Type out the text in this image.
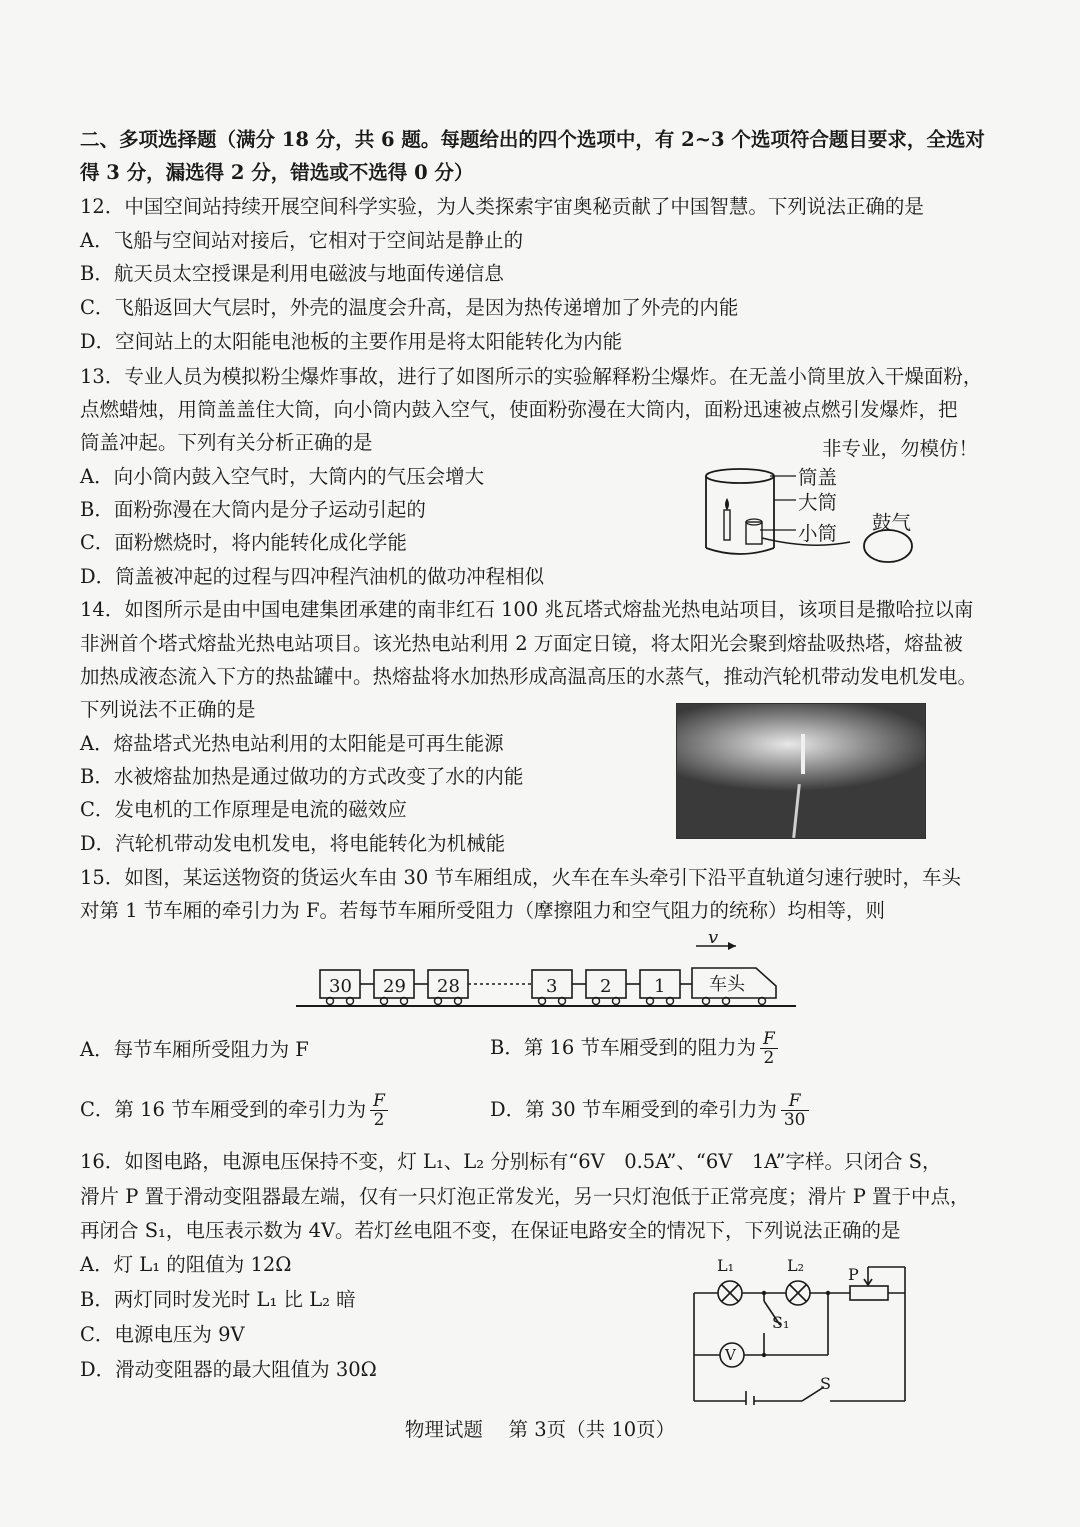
二、多项选择题（满分 18 分，共 6 题。每题给出的四个选项中，有 2~3 个选项符合题目要求，全选对
得 3 分，漏选得 2 分，错选或不选得 0 分）
12．中国空间站持续开展空间科学实验，为人类探索宇宙奥秘贡献了中国智慧。下列说法正确的是
A．飞船与空间站对接后，它相对于空间站是静止的
B．航天员太空授课是利用电磁波与地面传递信息
C．飞船返回大气层时，外壳的温度会升高，是因为热传递增加了外壳的内能
D．空间站上的太阳能电池板的主要作用是将太阳能转化为内能
13．专业人员为模拟粉尘爆炸事故，进行了如图所示的实验解释粉尘爆炸。在无盖小筒里放入干燥面粉，
点燃蜡烛，用筒盖盖住大筒，向小筒内鼓入空气，使面粉弥漫在大筒内，面粉迅速被点燃引发爆炸，把
筒盖冲起。下列有关分析正确的是
A．向小筒内鼓入空气时，大筒内的气压会增大
B．面粉弥漫在大筒内是分子运动引起的
C．面粉燃烧时，将内能转化成化学能
D．筒盖被冲起的过程与四冲程汽油机的做功冲程相似
非专业，勿模仿！
筒盖
大筒
小筒 鼓气
14．如图所示是由中国电建集团承建的南非红石 100 兆瓦塔式熔盐光热电站项目，该项目是撒哈拉以南
非洲首个塔式熔盐光热电站项目。该光热电站利用 2 万面定日镜，将太阳光会聚到熔盐吸热塔，熔盐被
加热成液态流入下方的热盐罐中。热熔盐将水加热形成高温高压的水蒸气，推动汽轮机带动发电机发电。
下列说法不正确的是
A．熔盐塔式光热电站利用的太阳能是可再生能源
B．水被熔盐加热是通过做功的方式改变了水的内能
C．发电机的工作原理是电流的磁效应
D．汽轮机带动发电机发电，将电能转化为机械能
15．如图，某运送物资的货运火车由 30 节车厢组成，火车在车头牵引下沿平直轨道匀速行驶时，车头
对第 1 节车厢的牵引力为 F。若每节车厢所受阻力（摩擦阻力和空气阻力的统称）均相等，则
30 29 28	3 2 1 车头
v
A．每节车厢所受阻力为 F	B．第 16 节车厢受到的阻力为 $\frac{F}{2}$
C．第 16 节车厢受到的牵引力为 $\frac{F}{2}$	D．第 30 节车厢受到的牵引力为 $\frac{F}{30}$
16．如图电路，电源电压保持不变，灯 L₁、L₂ 分别标有“6V　0.5A”、“6V　1A”字样。只闭合 S，
滑片 P 置于滑动变阻器最左端，仅有一只灯泡正常发光，另一只灯泡低于正常亮度；滑片 P 置于中点，
再闭合 S₁，电压表示数为 4V。若灯丝电阻不变，在保证电路安全的情况下，下列说法正确的是
A．灯 L₁ 的阻值为 12Ω
B．两灯同时发光时 L₁ 比 L₂ 暗
C．电源电压为 9V
D．滑动变阻器的最大阻值为 30Ω
L₁	L₂	P
S₁
V
S
物理试题　 第 3页（共 10页）
